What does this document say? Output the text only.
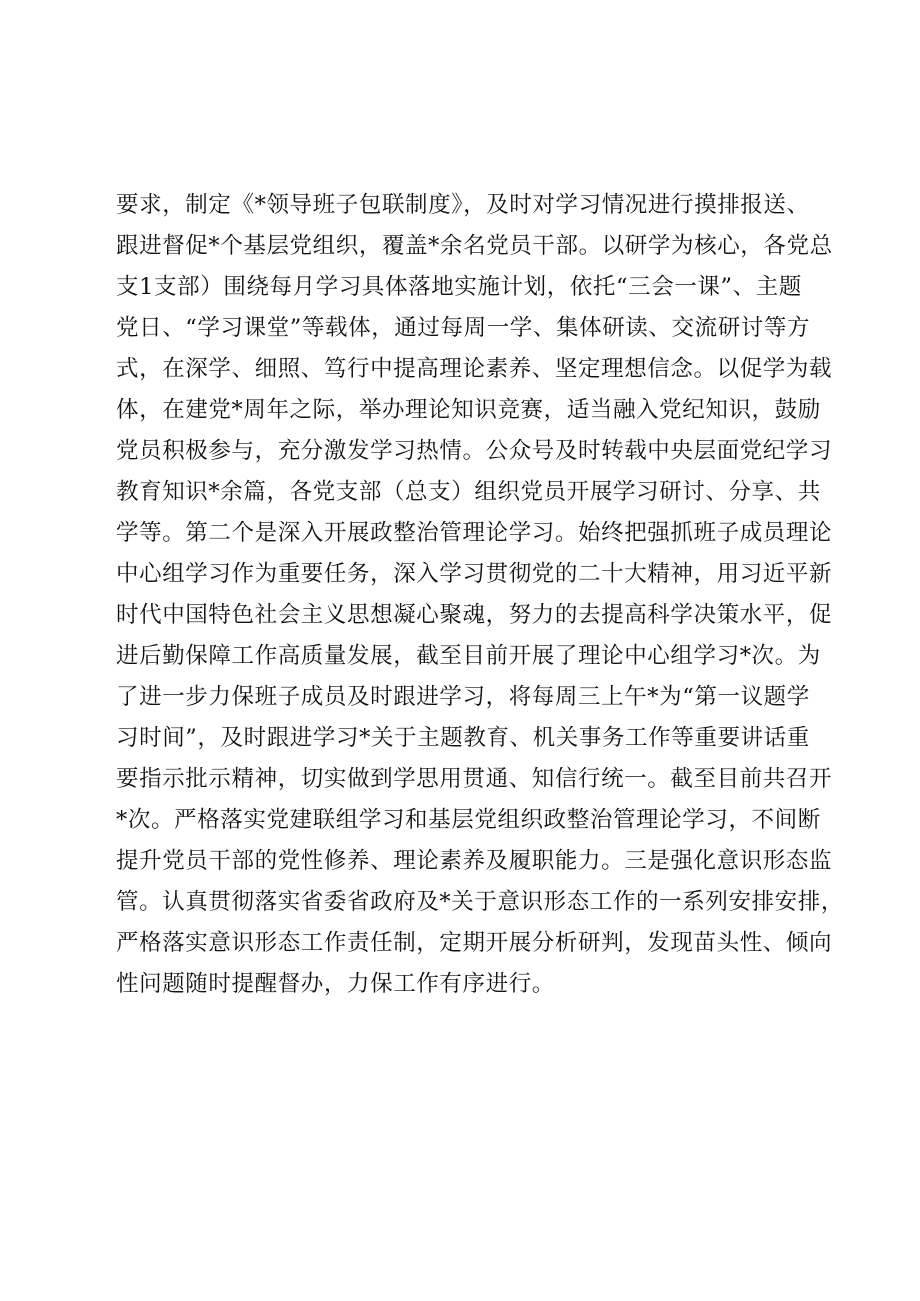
要求，制定《*领导班子包联制度》，及时对学习情况进行摸排报送、
跟进督促*个基层党组织，覆盖*余名党员干部。以研学为核心，各党总
支1支部）围绕每月学习具体落地实施计划，依托“三会一课”、主题
党日、“学习课堂”等载体，通过每周一学、集体研读、交流研讨等方
式，在深学、细照、笃行中提高理论素养、坚定理想信念。以促学为载
体，在建党*周年之际，举办理论知识竞赛，适当融入党纪知识，鼓励
党员积极参与，充分激发学习热情。公众号及时转载中央层面党纪学习
教育知识*余篇，各党支部（总支）组织党员开展学习研讨、分享、共
学等。第二个是深入开展政整治管理论学习。始终把强抓班子成员理论
中心组学习作为重要任务，深入学习贯彻党的二十大精神，用习近平新
时代中国特色社会主义思想凝心聚魂，努力的去提高科学决策水平，促
进后勤保障工作高质量发展，截至目前开展了理论中心组学习*次。为
了进一步力保班子成员及时跟进学习，将每周三上午*为“第一议题学
习时间”，及时跟进学习*关于主题教育、机关事务工作等重要讲话重
要指示批示精神，切实做到学思用贯通、知信行统一。截至目前共召开
*次。严格落实党建联组学习和基层党组织政整治管理论学习，不间断
提升党员干部的党性修养、理论素养及履职能力。三是强化意识形态监
管。认真贯彻落实省委省政府及*关于意识形态工作的一系列安排安排，
严格落实意识形态工作责任制，定期开展分析研判，发现苗头性、倾向
性问题随时提醒督办，力保工作有序进行。
